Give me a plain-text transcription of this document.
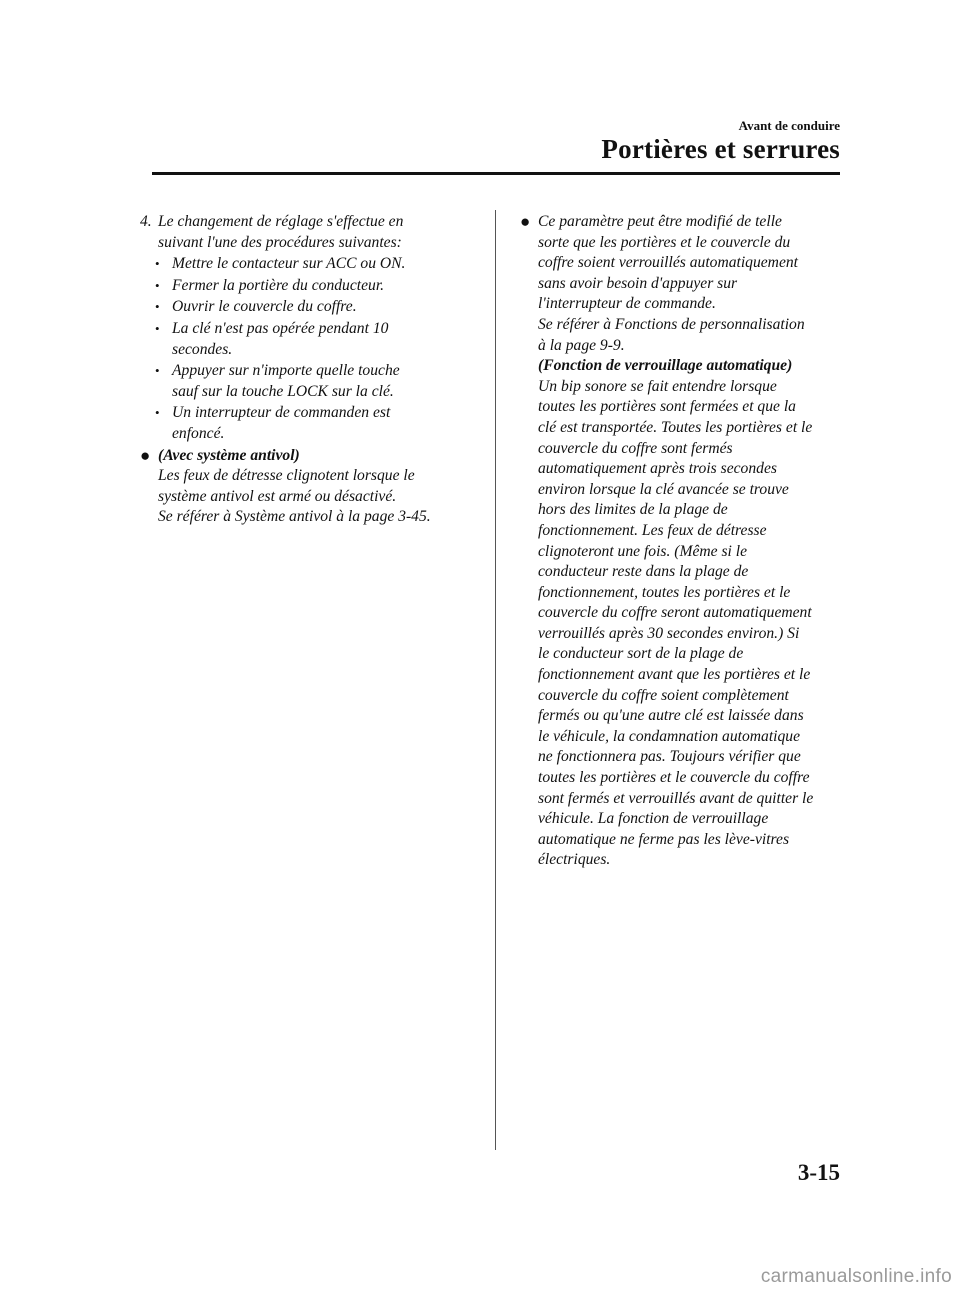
Avant de conduire
Portières et serrures
4. Le changement de réglage s'effectue en
suivant l'une des procédures suivantes:
• Mettre le contacteur sur ACC ou ON.
• Fermer la portière du conducteur.
• Ouvrir le couvercle du coffre.
• La clé n'est pas opérée pendant 10
secondes.
• Appuyer sur n'importe quelle touche
sauf sur la touche LOCK sur la clé.
• Un interrupteur de commanden est
enfoncé.
● (Avec système antivol)
Les feux de détresse clignotent lorsque le
système antivol est armé ou désactivé.
Se référer à Système antivol à la page 3-45.
● Ce paramètre peut être modifié de telle
sorte que les portières et le couvercle du
coffre soient verrouillés automatiquement
sans avoir besoin d'appuyer sur
l'interrupteur de commande.
Se référer à Fonctions de personnalisation
à la page 9-9.
(Fonction de verrouillage automatique)
Un bip sonore se fait entendre lorsque
toutes les portières sont fermées et que la
clé est transportée. Toutes les portières et le
couvercle du coffre sont fermés
automatiquement après trois secondes
environ lorsque la clé avancée se trouve
hors des limites de la plage de
fonctionnement. Les feux de détresse
clignoteront une fois. (Même si le
conducteur reste dans la plage de
fonctionnement, toutes les portières et le
couvercle du coffre seront automatiquement
verrouillés après 30 secondes environ.) Si
le conducteur sort de la plage de
fonctionnement avant que les portières et le
couvercle du coffre soient complètement
fermés ou qu'une autre clé est laissée dans
le véhicule, la condamnation automatique
ne fonctionnera pas. Toujours vérifier que
toutes les portières et le couvercle du coffre
sont fermés et verrouillés avant de quitter le
véhicule. La fonction de verrouillage
automatique ne ferme pas les lève-vitres
électriques.
3-15
carmanualsonline.info
